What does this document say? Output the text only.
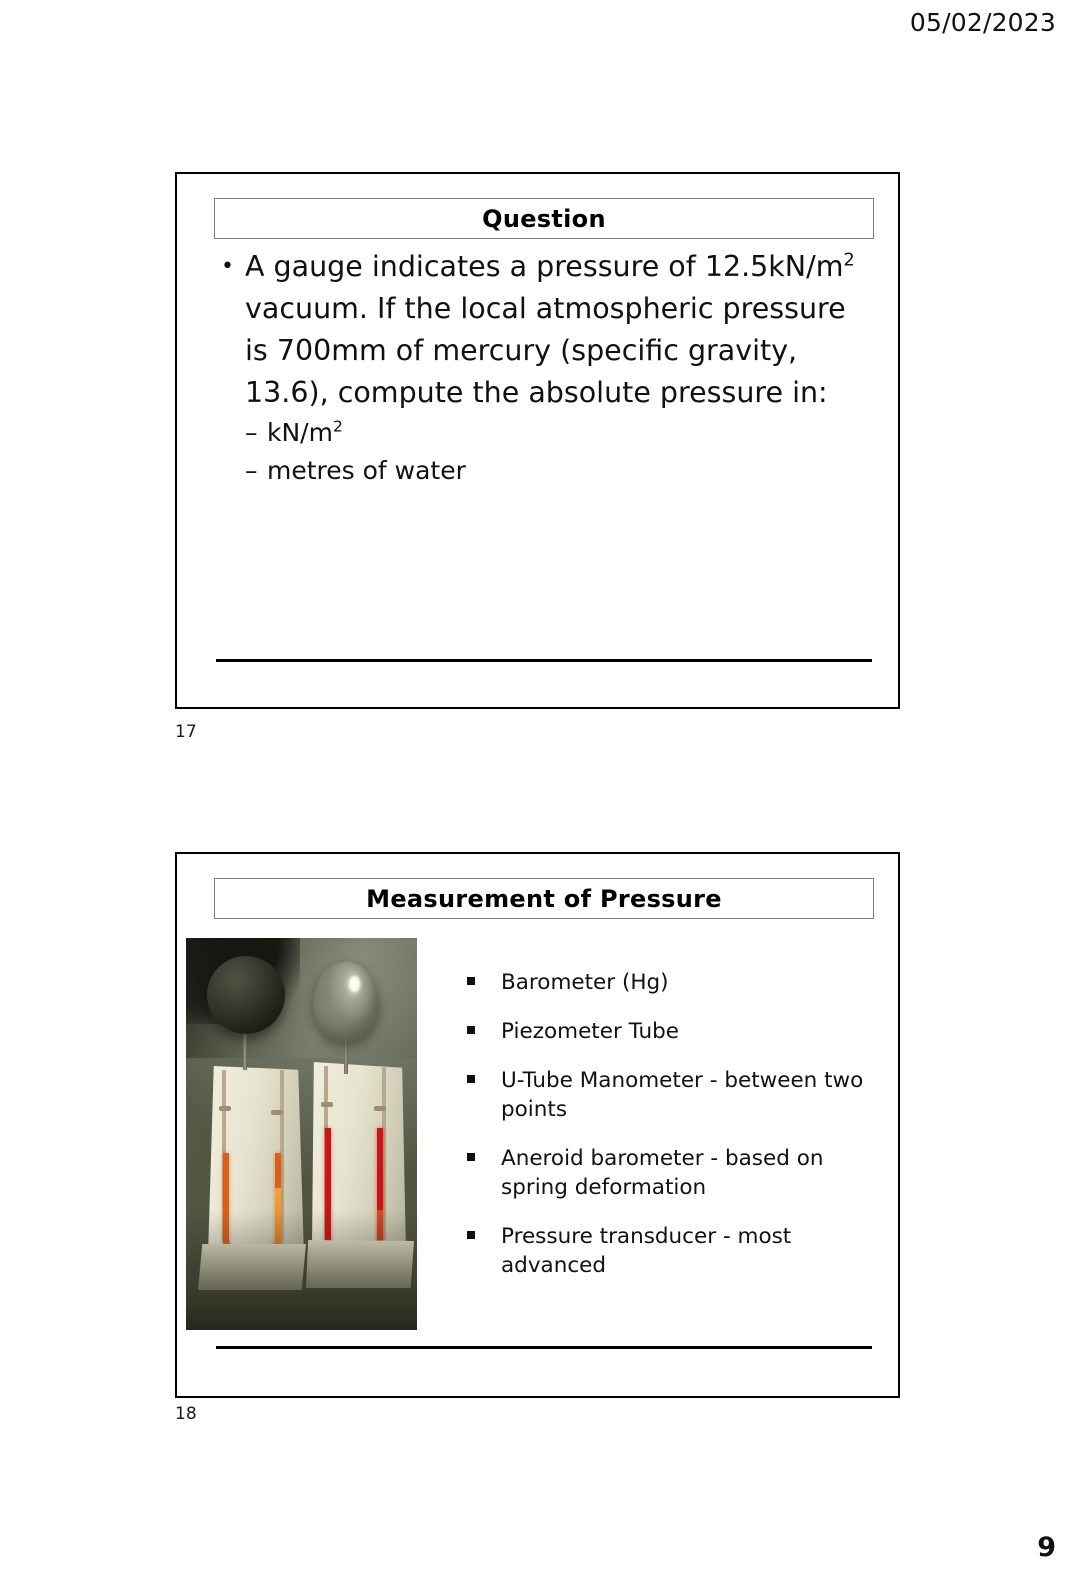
05/02/2023
Question
• A gauge indicates a pressure of $12.5kN/m^2$ vacuum. If the local atmospheric pressure is 700mm of mercury (specific gravity, 13.6), compute the absolute pressure in:
– $kN/m^2$
– metres of water
17
Measurement of Pressure
Barometer (Hg)
Piezometer Tube
U-Tube Manometer - between two points
Aneroid barometer - based on spring deformation
Pressure transducer - most advanced
18
9
